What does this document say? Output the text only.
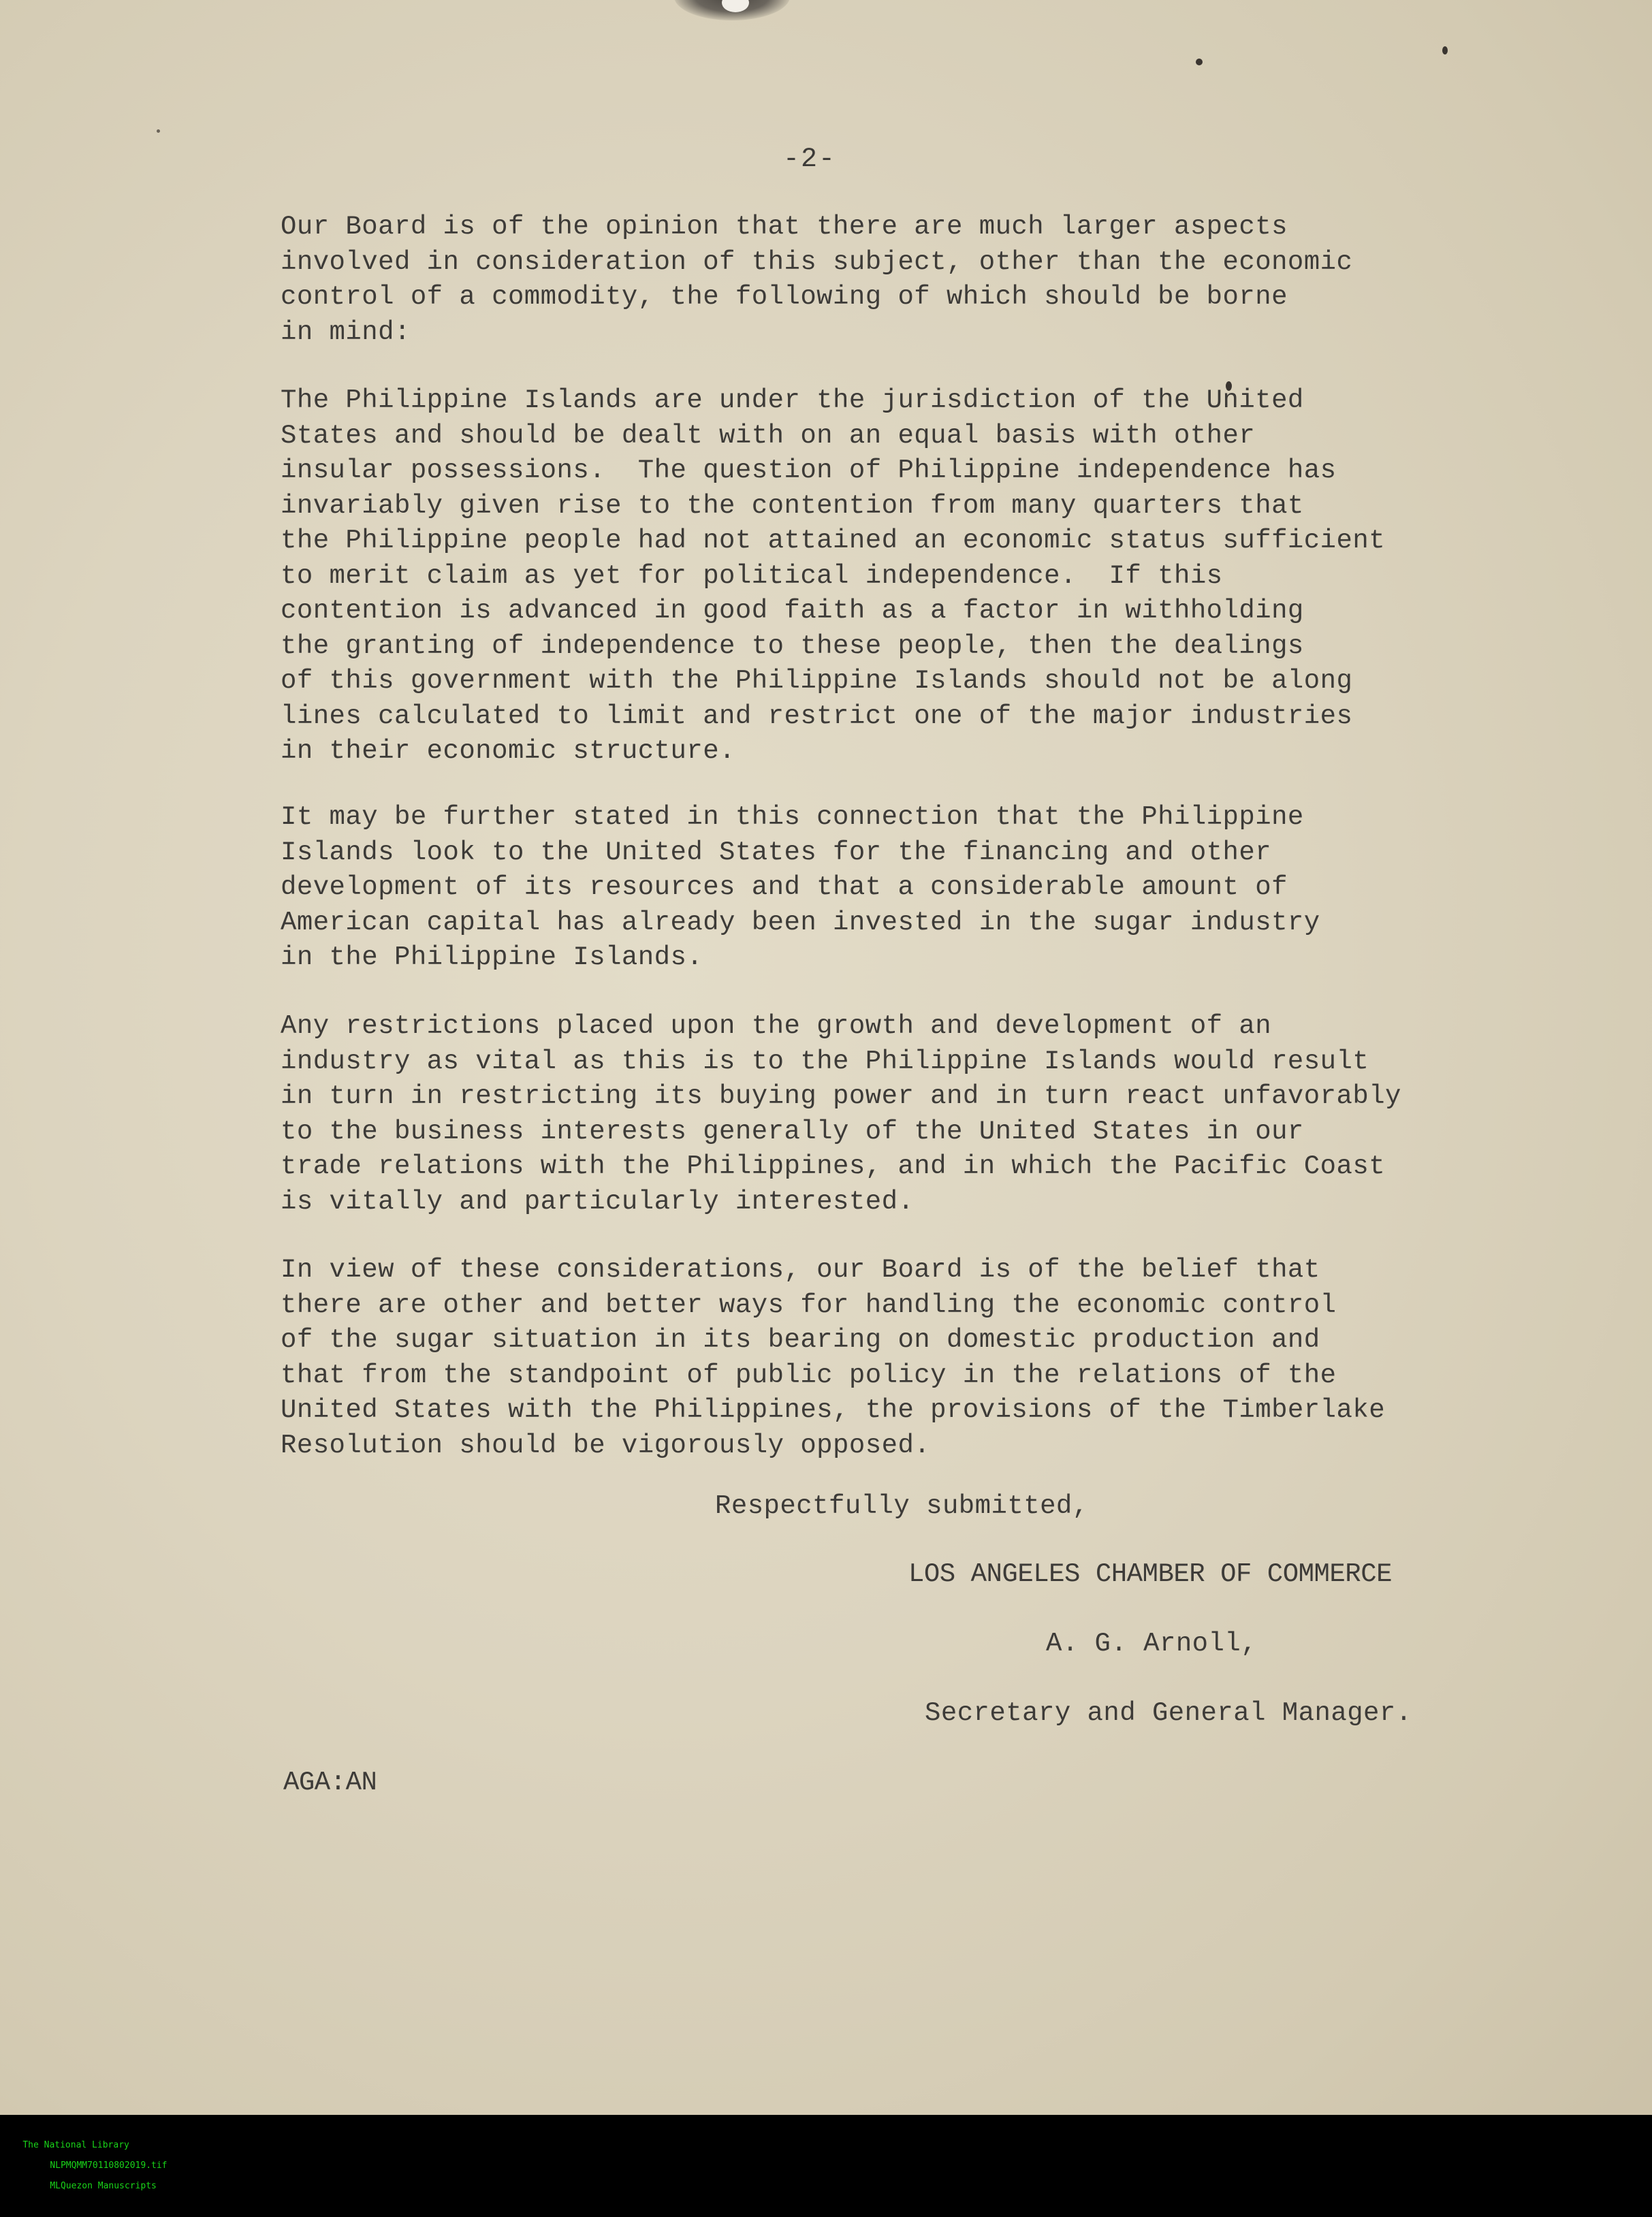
-2-

Our Board is of the opinion that there are much larger aspects
involved in consideration of this subject, other than the economic
control of a commodity, the following of which should be borne
in mind:

The Philippine Islands are under the jurisdiction of the United
States and should be dealt with on an equal basis with other
insular possessions.  The question of Philippine independence has
invariably given rise to the contention from many quarters that
the Philippine people had not attained an economic status sufficient
to merit claim as yet for political independence.  If this
contention is advanced in good faith as a factor in withholding
the granting of independence to these people, then the dealings
of this government with the Philippine Islands should not be along
lines calculated to limit and restrict one of the major industries
in their economic structure.

It may be further stated in this connection that the Philippine
Islands look to the United States for the financing and other
development of its resources and that a considerable amount of
American capital has already been invested in the sugar industry
in the Philippine Islands.

Any restrictions placed upon the growth and development of an
industry as vital as this is to the Philippine Islands would result
in turn in restricting its buying power and in turn react unfavorably
to the business interests generally of the United States in our
trade relations with the Philippines, and in which the Pacific Coast
is vitally and particularly interested.

In view of these considerations, our Board is of the belief that
there are other and better ways for handling the economic control
of the sugar situation in its bearing on domestic production and
that from the standpoint of public policy in the relations of the
United States with the Philippines, the provisions of the Timberlake
Resolution should be vigorously opposed.

Respectfully submitted,
LOS ANGELES CHAMBER OF COMMERCE
A. G. Arnoll,
Secretary and General Manager.
AGA:AN

The National Library
NLPMQMM70110802019.tif
MLQuezon Manuscripts
